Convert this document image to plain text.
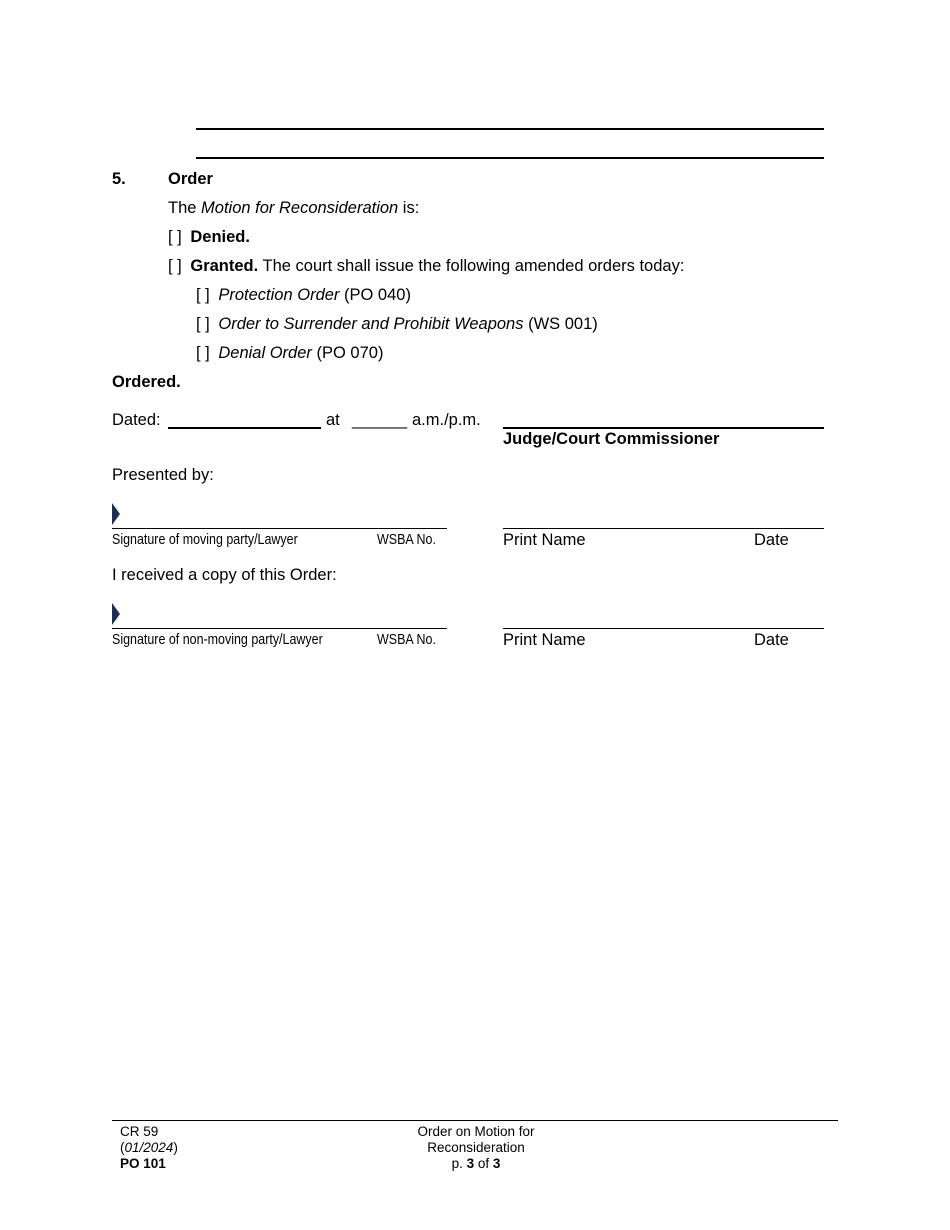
5.	Order
The Motion for Reconsideration is:
[ ] Denied.
[ ] Granted. The court shall issue the following amended orders today:
[ ] Protection Order (PO 040)
[ ] Order to Surrender and Prohibit Weapons (WS 001)
[ ] Denial Order (PO 070)
Ordered.
Dated:	at ______ a.m./p.m.
Judge/Court Commissioner
Presented by:
Signature of moving party/Lawyer	WSBA No.	Print Name	Date
I received a copy of this Order:
Signature of non-moving party/Lawyer	WSBA No.	Print Name	Date
CR 59
(01/2024)
PO 101
Order on Motion for
Reconsideration
p. 3 of 3
